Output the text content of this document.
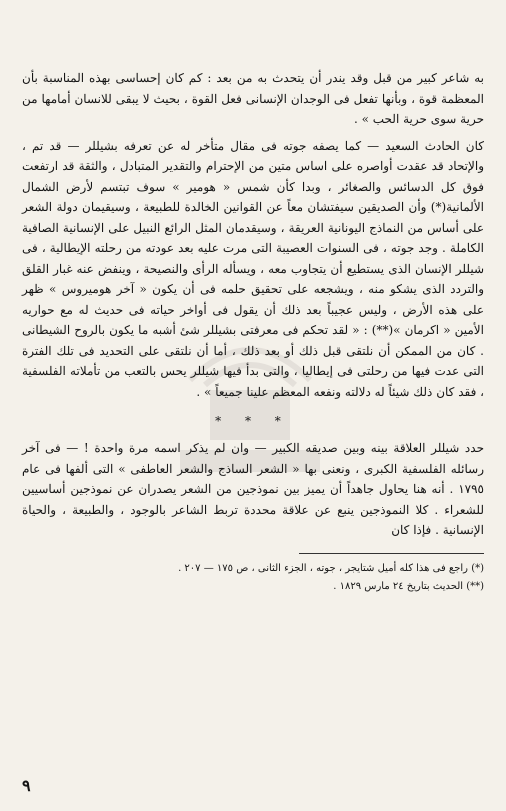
به شاعر كبير من قبل وقد يندر أن يتحدث به من بعد : كم كان إحساسى بهذه المناسبة بأن المعظمة قوة ، وبأنها تفعل فى الوجدان الإنسانى فعل القوة ، بحيث لا يبقى للانسان أمامها من حرية سوى حرية الحب » .

كان الحادث السعيد — كما يصفه جوته فى مقال متأخر له عن تعرفه بشيللر — قد تم ، والإتحاد قد عقدت أواصره على اساس متين من الإحترام والتقدير المتبادل ، والثقة قد ارتفعت فوق كل الدسائس والصغائر ، وبدا كأن شمس « هومير » سوف تبتسم لأرض الشمال الألمانية(*) وأن الصديقين سيفتشان معاً عن القوانين الخالدة للطبيعة ، وسيقيمان دولة الشعر على أساس من النماذج اليونانية العريقة ، وسيقدمان المثل الرائع النبيل على الإنسانية الصافية الكاملة . وجد جوته ، فى السنوات العصيبة التى مرت عليه بعد عودته من رحلته الإيطالية ، فى شيللر الإنسان الذى يستطيع أن يتجاوب معه ، ويسأله الرأى والنصيحة ، وينفض عنه غبار القلق والتردد الذى يشكو منه ، ويشجعه على تحقيق حلمه فى أن يكون « آخر هوميروس » ظهر على هذه الأرض ، وليس عجيباً بعد ذلك أن يقول فى أواخر حياته فى حديث له مع حواريه الأمين « اكرمان »(**) : « لقد تحكم فى معرفتى بشيللر شئ أشبه ما يكون بالروح الشيطانى . كان من الممكن أن نلتقى قبل ذلك أو بعد ذلك ، أما أن نلتقى على التحديد فى تلك الفترة التى عدت فيها من رحلتى فى إيطاليا ، والتى بدأ فيها شيللر يحس بالتعب من تأملاته الفلسفية ، فقد كان ذلك شيئاً له دلالته ونفعه المعظم علينا جميعاً » .

* * *

حدد شيللر العلاقة بينه وبين صديقه الكبير — وان لم يذكر اسمه مرة واحدة ! — فى آخر رسائله الفلسفية الكبرى ، ونعنى بها « الشعر الساذج والشعر العاطفى » التى ألفها فى عام ١٧٩٥ . أنه هنا يحاول جاهداً أن يميز بين نموذجين من الشعر يصدران عن نموذجين أساسيين للشعراء . كلا النموذجين ينبع عن علاقة محددة تربط الشاعر بالوجود ، والطبيعة ، والحياة الإنسانية . فإذا كان

(*) راجع فى هذا كله أميل شتايجر ، جوته ، الجزء الثانى ، ص ١٧٥ — ٢٠٧ .

(**) الحديث بتاريخ ٢٤ مارس ١٨٢٩ .

٩
